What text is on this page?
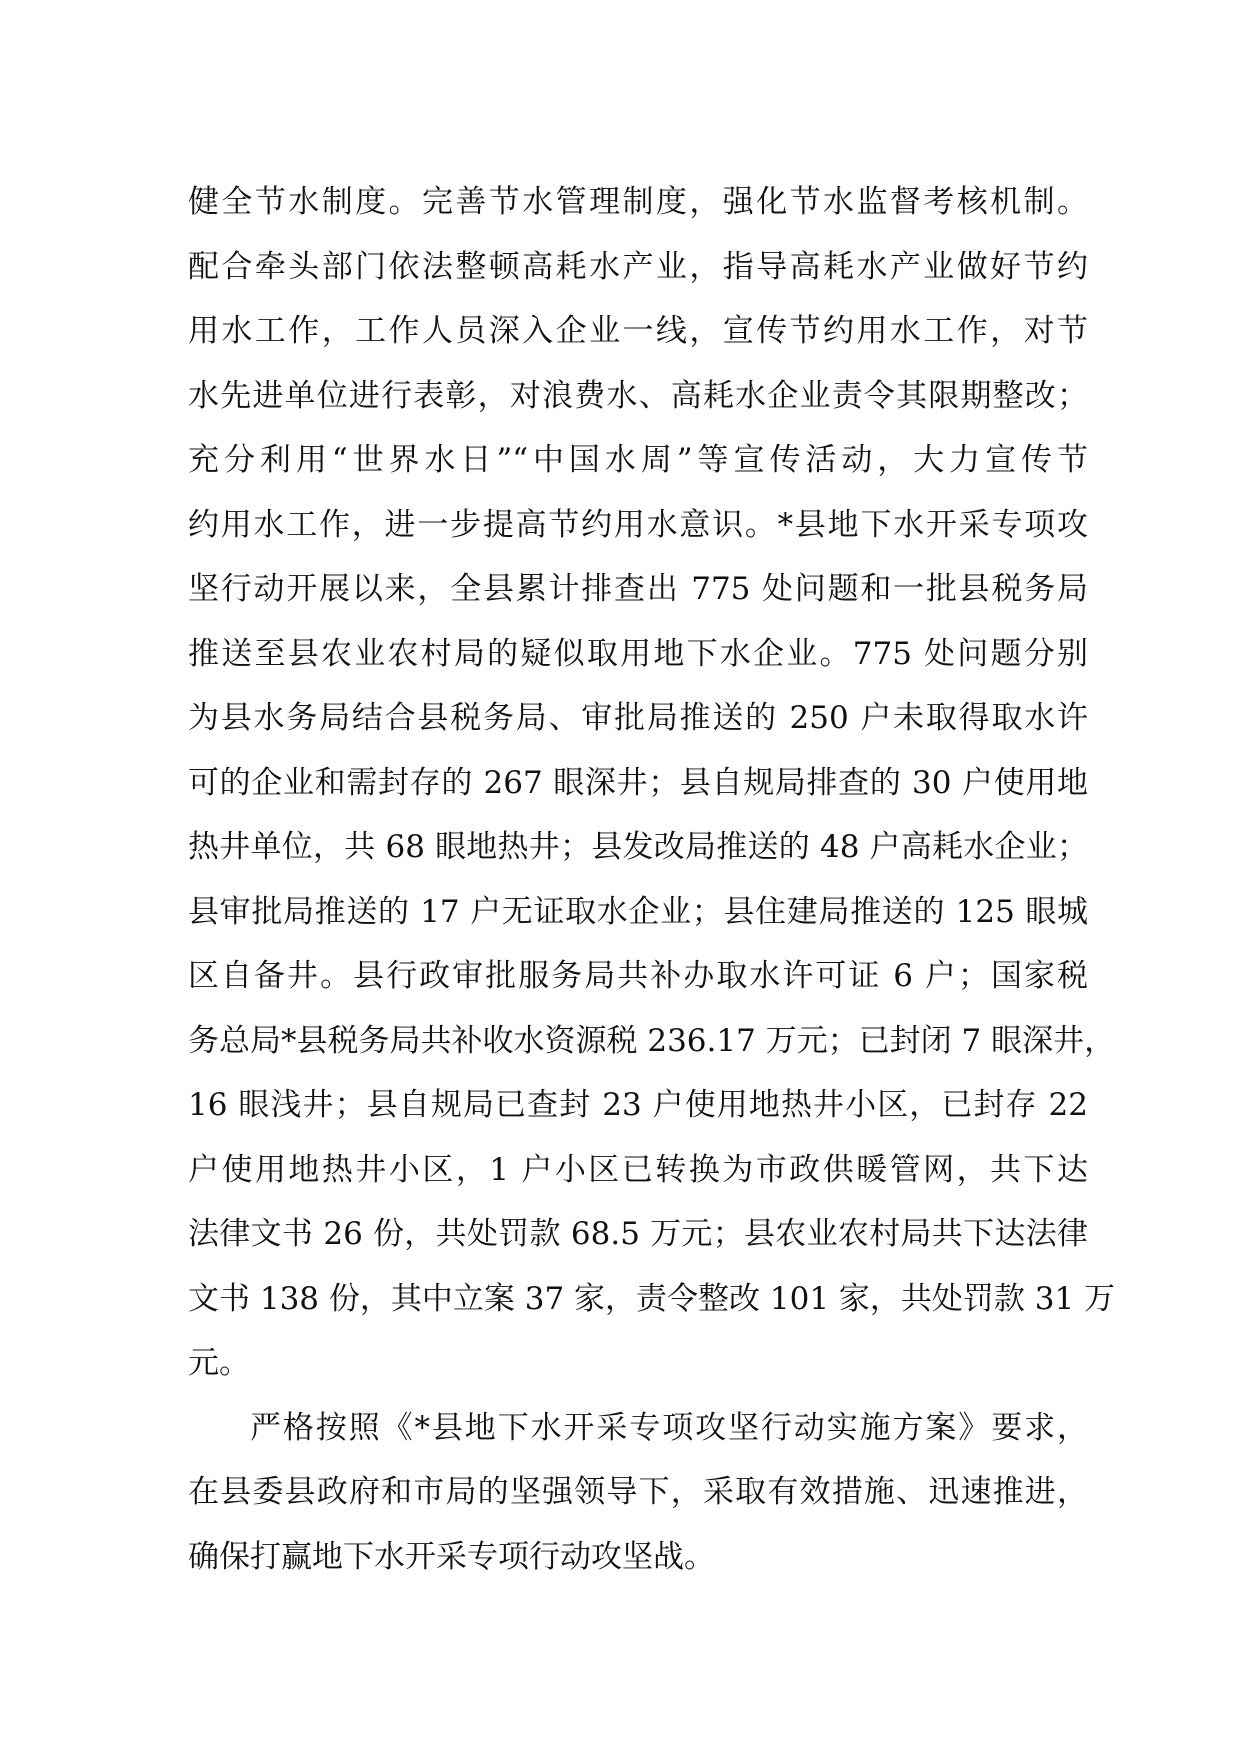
健全节水制度。完善节水管理制度，强化节水监督考核机制。
配合牵头部门依法整顿高耗水产业，指导高耗水产业做好节约
用水工作，工作人员深入企业一线，宣传节约用水工作，对节
水先进单位进行表彰，对浪费水、高耗水企业责令其限期整改；
充分利用“世界水日”“中国水周”等宣传活动，大力宣传节
约用水工作，进一步提高节约用水意识。*县地下水开采专项攻
坚行动开展以来，全县累计排查出 775 处问题和一批县税务局
推送至县农业农村局的疑似取用地下水企业。775 处问题分别
为县水务局结合县税务局、审批局推送的 250 户未取得取水许
可的企业和需封存的 267 眼深井；县自规局排查的 30 户使用地
热井单位，共 68 眼地热井；县发改局推送的 48 户高耗水企业；
县审批局推送的 17 户无证取水企业；县住建局推送的 125 眼城
区自备井。县行政审批服务局共补办取水许可证 6 户；国家税
务总局*县税务局共补收水资源税 236.17 万元；已封闭 7 眼深井，
16 眼浅井；县自规局已查封 23 户使用地热井小区，已封存 22
户使用地热井小区，1 户小区已转换为市政供暖管网，共下达
法律文书 26 份，共处罚款 68.5 万元；县农业农村局共下达法律
文书 138 份，其中立案 37 家，责令整改 101 家，共处罚款 31 万
元。
严格按照《*县地下水开采专项攻坚行动实施方案》要求，
在县委县政府和市局的坚强领导下，采取有效措施、迅速推进，
确保打赢地下水开采专项行动攻坚战。
